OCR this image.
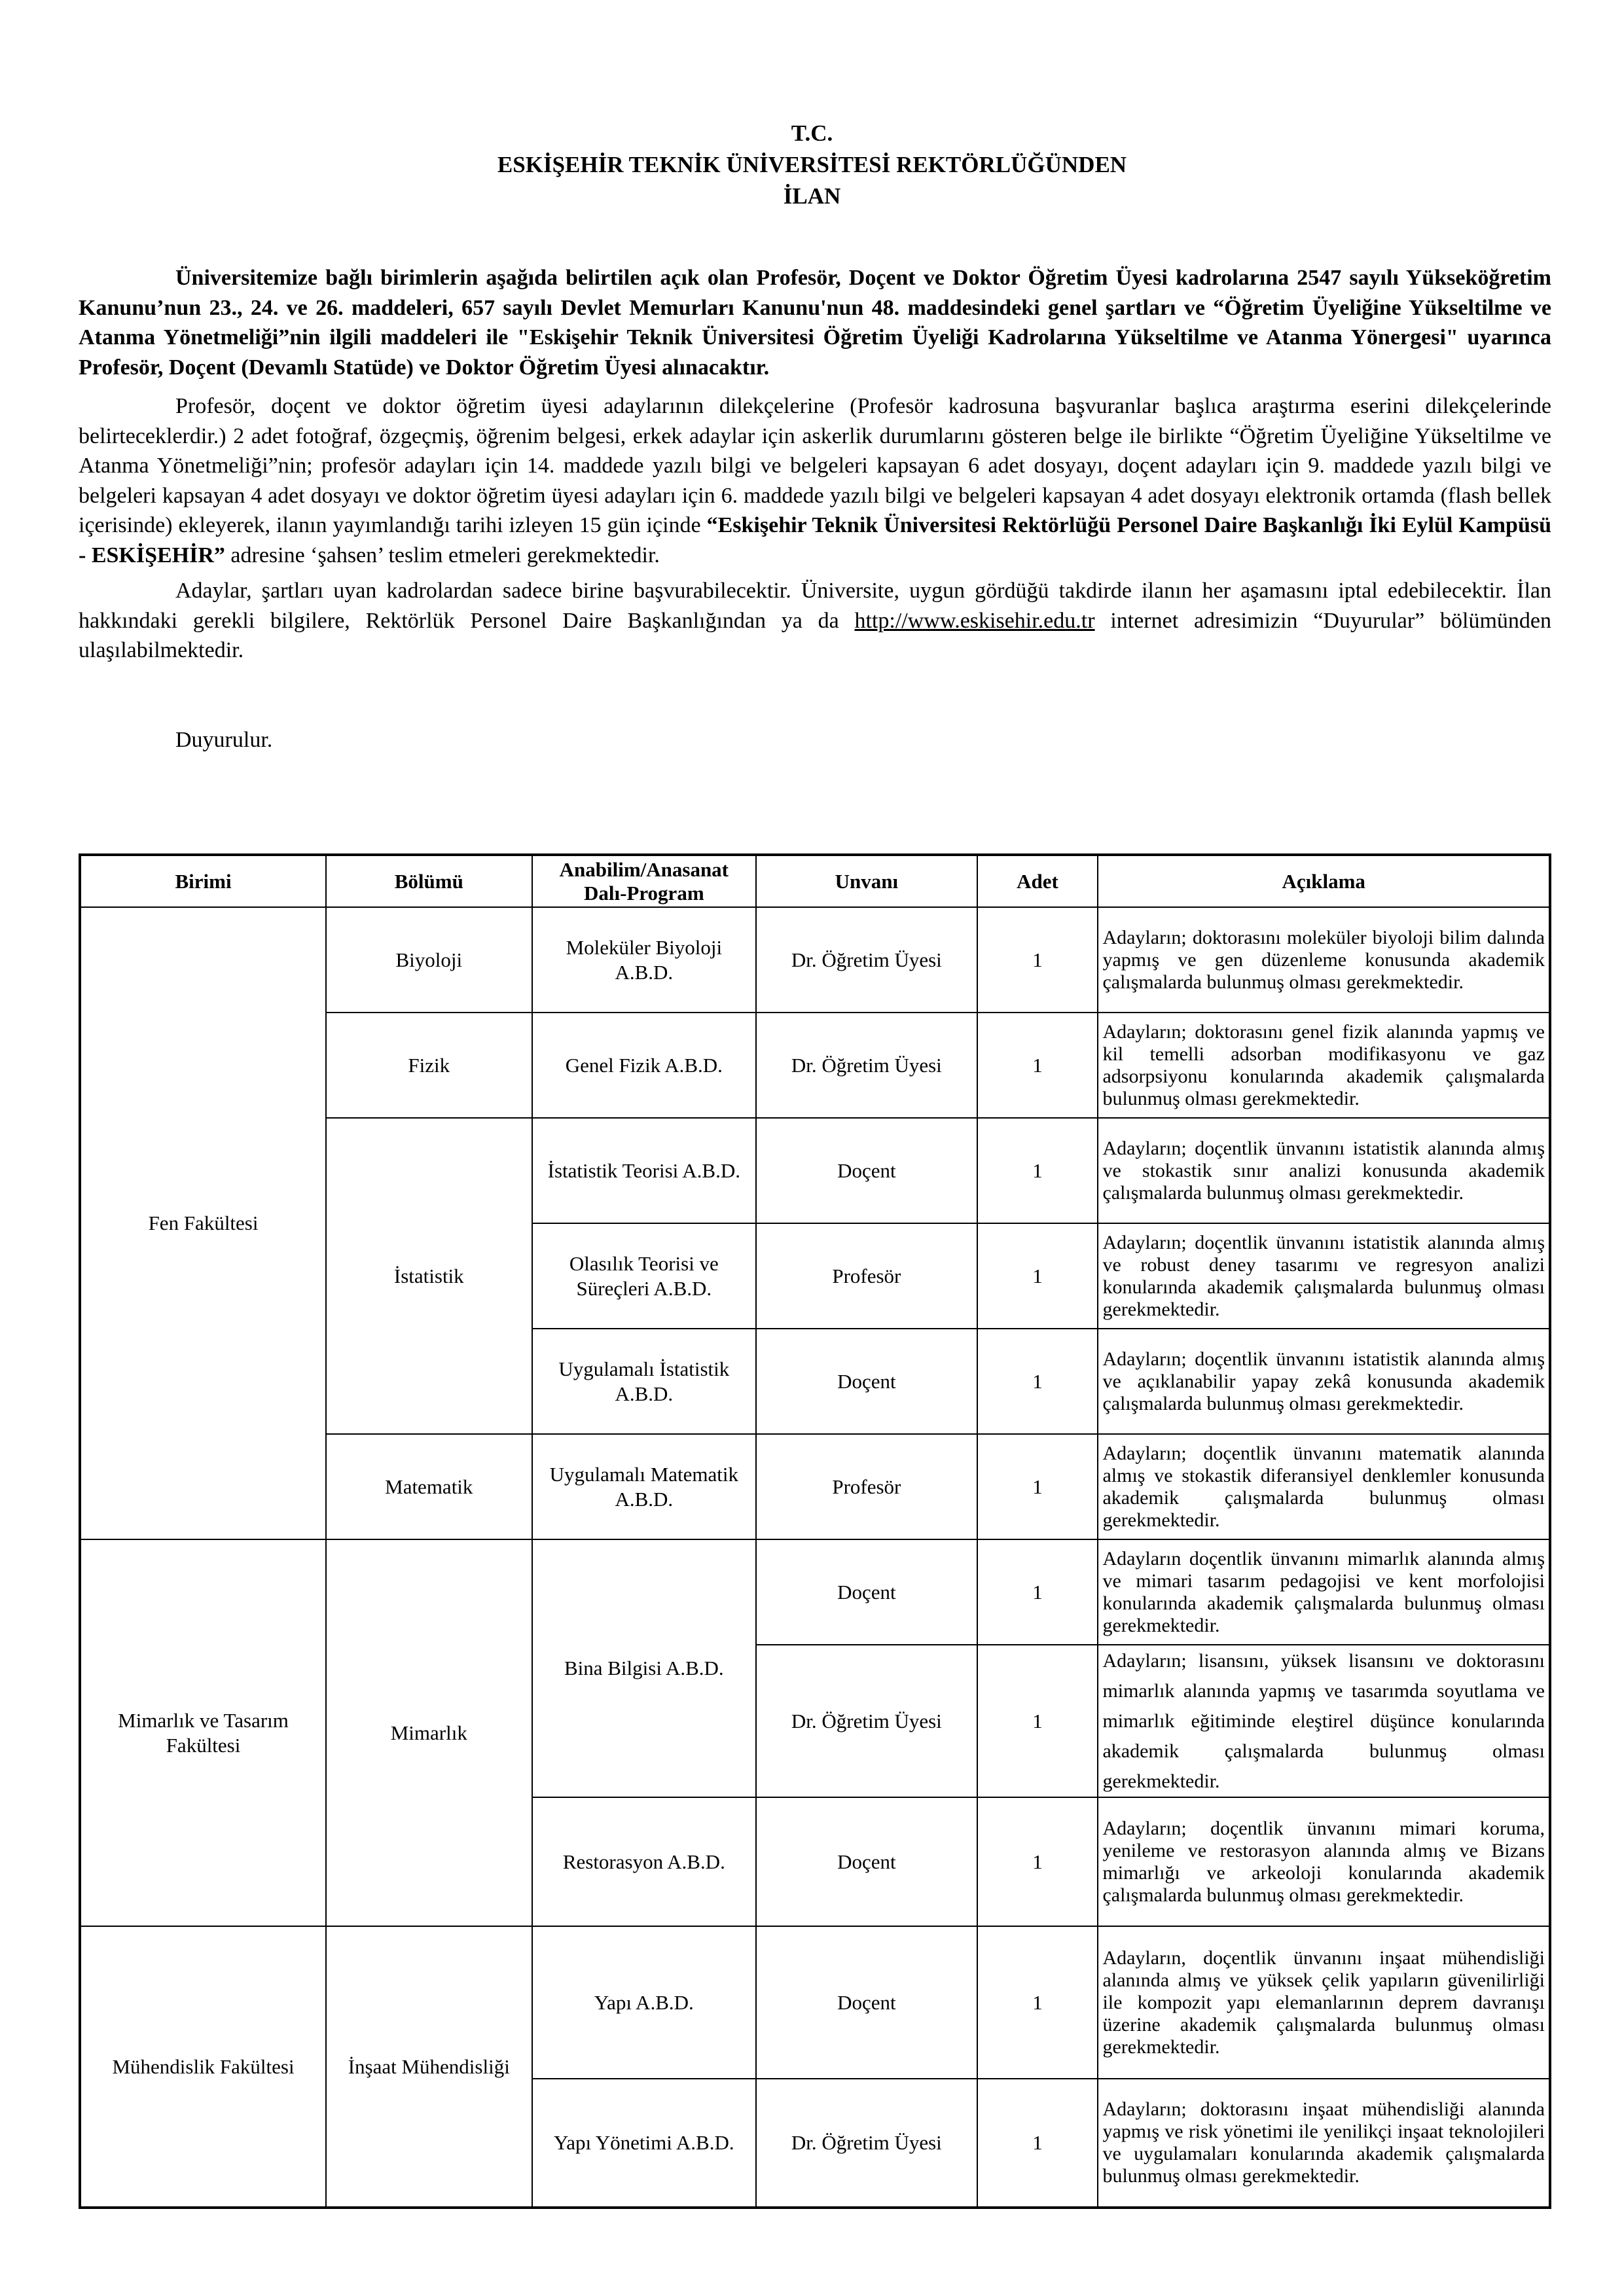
T.C.
ESKİŞEHİR TEKNİK ÜNİVERSİTESİ REKTÖRLÜĞÜNDEN
İLAN
Üniversitemize bağlı birimlerin aşağıda belirtilen açık olan Profesör, Doçent ve Doktor Öğretim Üyesi kadrolarına 2547 sayılı Yükseköğretim Kanunu’nun 23., 24. ve 26. maddeleri, 657 sayılı Devlet Memurları Kanunu'nun 48. maddesindeki genel şartları ve “Öğretim Üyeliğine Yükseltilme ve Atanma Yönetmeliği”nin ilgili maddeleri ile "Eskişehir Teknik Üniversitesi Öğretim Üyeliği Kadrolarına Yükseltilme ve Atanma Yönergesi" uyarınca Profesör, Doçent (Devamlı Statüde) ve Doktor Öğretim Üyesi alınacaktır.
Profesör, doçent ve doktor öğretim üyesi adaylarının dilekçelerine (Profesör kadrosuna başvuranlar başlıca araştırma eserini dilekçelerinde belirteceklerdir.) 2 adet fotoğraf, özgeçmiş, öğrenim belgesi, erkek adaylar için askerlik durumlarını gösteren belge ile birlikte “Öğretim Üyeliğine Yükseltilme ve Atanma Yönetmeliği”nin; profesör adayları için 14. maddede yazılı bilgi ve belgeleri kapsayan 6 adet dosyayı, doçent adayları için 9. maddede yazılı bilgi ve belgeleri kapsayan 4 adet dosyayı ve doktor öğretim üyesi adayları için 6. maddede yazılı bilgi ve belgeleri kapsayan 4 adet dosyayı elektronik ortamda (flash bellek içerisinde) ekleyerek, ilanın yayımlandığı tarihi izleyen 15 gün içinde “Eskişehir Teknik Üniversitesi Rektörlüğü Personel Daire Başkanlığı İki Eylül Kampüsü - ESKİŞEHİR” adresine ‘şahsen’ teslim etmeleri gerekmektedir.
Adaylar, şartları uyan kadrolardan sadece birine başvurabilecektir. Üniversite, uygun gördüğü takdirde ilanın her aşamasını iptal edebilecektir. İlan hakkındaki gerekli bilgilere, Rektörlük Personel Daire Başkanlığından ya da http://www.eskisehir.edu.tr internet adresimizin “Duyurular” bölümünden ulaşılabilmektedir.
Duyurulur.
Birimi	Bölümü	Anabilim/Anasanat Dalı-Program	Unvanı	Adet	Açıklama
Fen Fakültesi	Biyoloji	Moleküler Biyoloji A.B.D.	Dr. Öğretim Üyesi	1	Adayların; doktorasını moleküler biyoloji bilim dalında yapmış ve gen düzenleme konusunda akademik çalışmalarda bulunmuş olması gerekmektedir.
	Fizik	Genel Fizik A.B.D.	Dr. Öğretim Üyesi	1	Adayların; doktorasını genel fizik alanında yapmış ve kil temelli adsorban modifikasyonu ve gaz adsorpsiyonu konularında akademik çalışmalarda bulunmuş olması gerekmektedir.
	İstatistik	İstatistik Teorisi A.B.D.	Doçent	1	Adayların; doçentlik ünvanını istatistik alanında almış ve stokastik sınır analizi konusunda akademik çalışmalarda bulunmuş olması gerekmektedir.
		Olasılık Teorisi ve Süreçleri A.B.D.	Profesör	1	Adayların; doçentlik ünvanını istatistik alanında almış ve robust deney tasarımı ve regresyon analizi konularında akademik çalışmalarda bulunmuş olması gerekmektedir.
		Uygulamalı İstatistik A.B.D.	Doçent	1	Adayların; doçentlik ünvanını istatistik alanında almış ve açıklanabilir yapay zekâ konusunda akademik çalışmalarda bulunmuş olması gerekmektedir.
	Matematik	Uygulamalı Matematik A.B.D.	Profesör	1	Adayların; doçentlik ünvanını matematik alanında almış ve stokastik diferansiyel denklemler konusunda akademik çalışmalarda bulunmuş olması gerekmektedir.
Mimarlık ve Tasarım Fakültesi	Mimarlık	Bina Bilgisi A.B.D.	Doçent	1	Adayların doçentlik ünvanını mimarlık alanında almış ve mimari tasarım pedagojisi ve kent morfolojisi konularında akademik çalışmalarda bulunmuş olması gerekmektedir.
			Dr. Öğretim Üyesi	1	Adayların; lisansını, yüksek lisansını ve doktorasını mimarlık alanında yapmış ve tasarımda soyutlama ve mimarlık eğitiminde eleştirel düşünce konularında akademik çalışmalarda bulunmuş olması gerekmektedir.
		Restorasyon A.B.D.	Doçent	1	Adayların; doçentlik ünvanını mimari koruma, yenileme ve restorasyon alanında almış ve Bizans mimarlığı ve arkeoloji konularında akademik çalışmalarda bulunmuş olması gerekmektedir.
Mühendislik Fakültesi	İnşaat Mühendisliği	Yapı A.B.D.	Doçent	1	Adayların, doçentlik ünvanını inşaat mühendisliği alanında almış ve yüksek çelik yapıların güvenilirliği ile kompozit yapı elemanlarının deprem davranışı üzerine akademik çalışmalarda bulunmuş olması gerekmektedir.
		Yapı Yönetimi A.B.D.	Dr. Öğretim Üyesi	1	Adayların; doktorasını inşaat mühendisliği alanında yapmış ve risk yönetimi ile yenilikçi inşaat teknolojileri ve uygulamaları konularında akademik çalışmalarda bulunmuş olması gerekmektedir.
